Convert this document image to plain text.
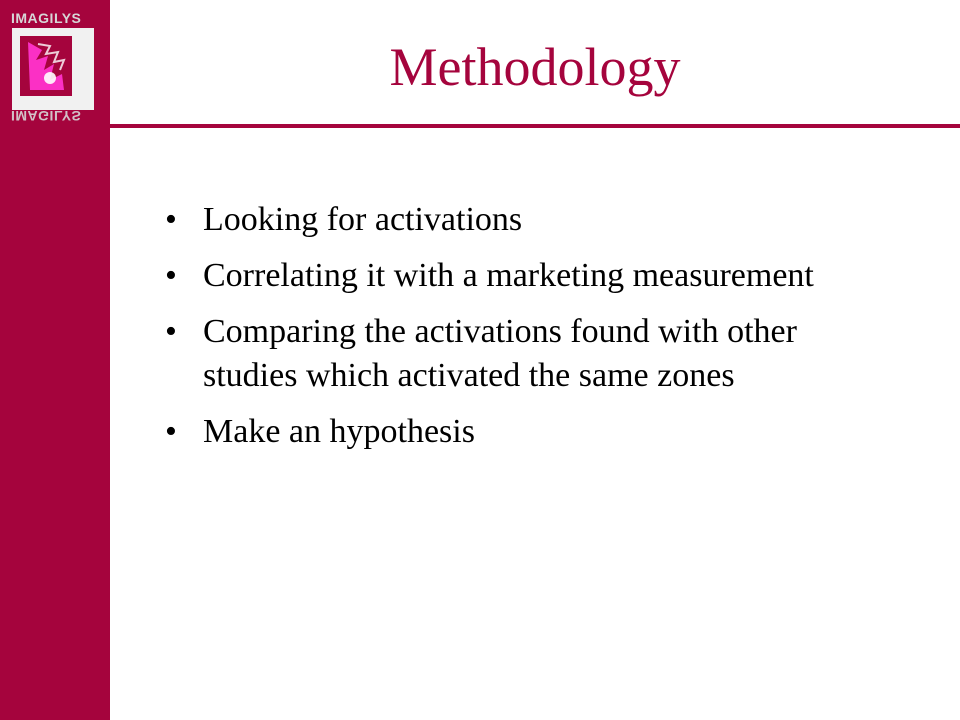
IMAGILYS
IMAGILYS
Methodology
• Looking for activations
• Correlating it with a marketing measurement
• Comparing the activations found with other studies which activated the same zones
• Make an hypothesis
